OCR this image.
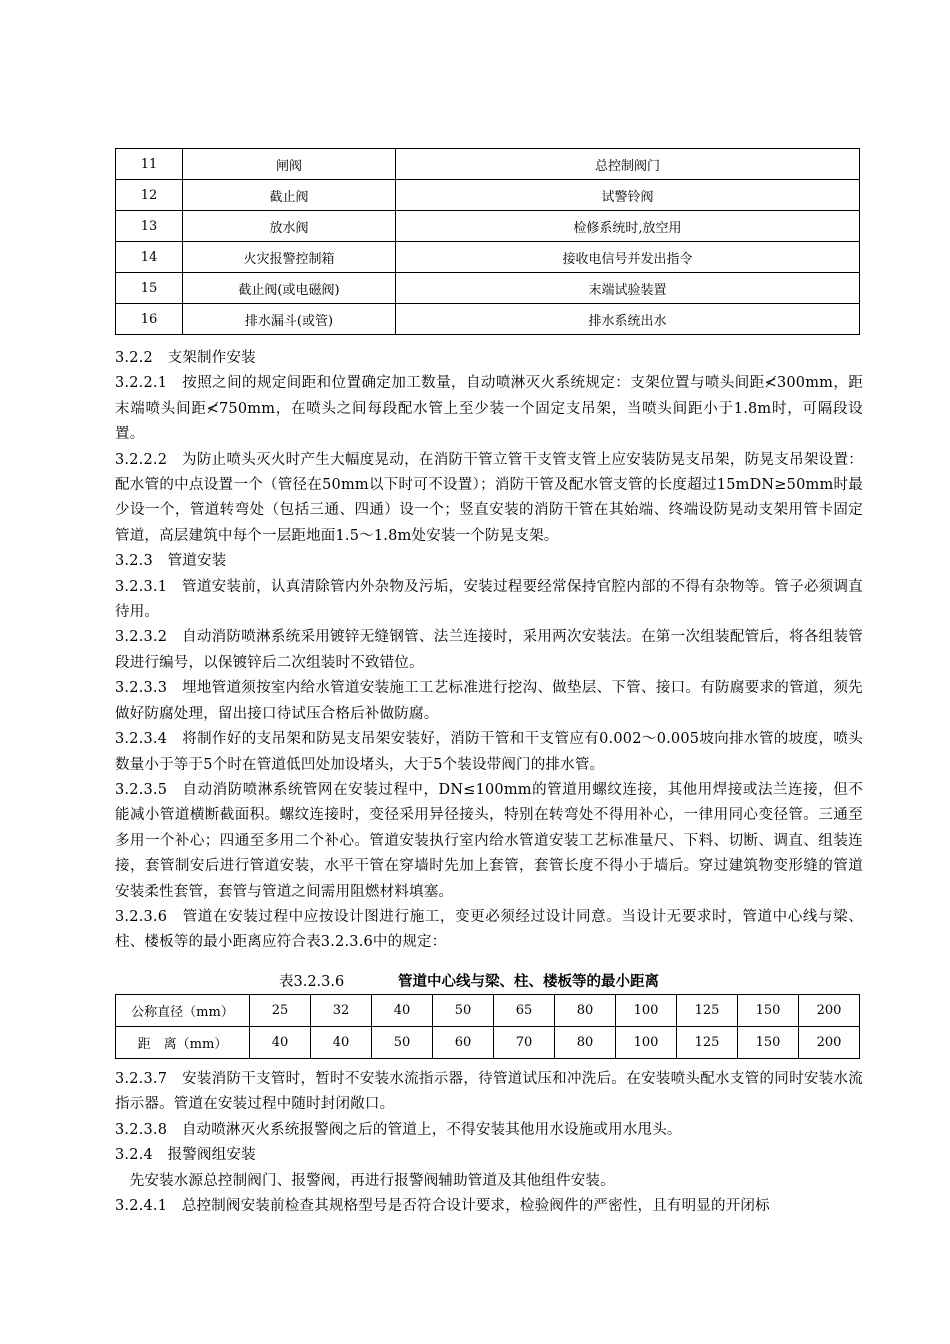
11	闸阀	总控制阀门
12	截止阀	试警铃阀
13	放水阀	检修系统时,放空用
14	火灾报警控制箱	接收电信号并发出指令
15	截止阀(或电磁阀)	末端试验装置
16	排水漏斗(或管)	排水系统出水

3.2.2　支架制作安装

3.2.2.1　按照之间的规定间距和位置确定加工数量，自动喷淋灭火系统规定：支架位置与喷头间距≮300mm，距末端喷头间距≮750mm，在喷头之间每段配水管上至少装一个固定支吊架，当喷头间距小于1.8m时，可隔段设置。

3.2.2.2　为防止喷头灭火时产生大幅度晃动，在消防干管立管干支管支管上应安装防晃支吊架，防晃支吊架设置：配水管的中点设置一个（管径在50mm以下时可不设置）；消防干管及配水管支管的长度超过15mDN≥50mm时最少设一个，管道转弯处（包括三通、四通）设一个；竖直安装的消防干管在其始端、终端设防晃动支架用管卡固定管道，高层建筑中每个一层距地面1.5～1.8m处安装一个防晃支架。

3.2.3　管道安装

3.2.3.1　管道安装前，认真清除管内外杂物及污垢，安装过程要经常保持官腔内部的不得有杂物等。管子必须调直待用。

3.2.3.2　自动消防喷淋系统采用镀锌无缝钢管、法兰连接时，采用两次安装法。在第一次组装配管后，将各组装管段进行编号，以保镀锌后二次组装时不致错位。

3.2.3.3　埋地管道须按室内给水管道安装施工工艺标准进行挖沟、做垫层、下管、接口。有防腐要求的管道，须先做好防腐处理，留出接口待试压合格后补做防腐。

3.2.3.4　将制作好的支吊架和防晃支吊架安装好，消防干管和干支管应有0.002～0.005坡向排水管的坡度，喷头数量小于等于5个时在管道低凹处加设堵头，大于5个装设带阀门的排水管。

3.2.3.5　自动消防喷淋系统管网在安装过程中，DN≤100mm的管道用螺纹连接，其他用焊接或法兰连接，但不能减小管道横断截面积。螺纹连接时，变径采用异径接头，特别在转弯处不得用补心，一律用同心变径管。三通至多用一个补心；四通至多用二个补心。管道安装执行室内给水管道安装工艺标准量尺、下料、切断、调直、组装连接，套管制安后进行管道安装，水平干管在穿墙时先加上套管，套管长度不得小于墙后。穿过建筑物变形缝的管道安装柔性套管，套管与管道之间需用阻燃材料填塞。

3.2.3.6　管道在安装过程中应按设计图进行施工，变更必须经过设计同意。当设计无要求时，管道中心线与梁、柱、楼板等的最小距离应符合表3.2.3.6中的规定：

表3.2.3.6	管道中心线与梁、柱、楼板等的最小距离
公称直径（mm）	25	32	40	50	65	80	100	125	150	200
距　离（mm）	40	40	50	60	70	80	100	125	150	200

3.2.3.7　安装消防干支管时，暂时不安装水流指示器，待管道试压和冲洗后。在安装喷头配水支管的同时安装水流指示器。管道在安装过程中随时封闭敞口。

3.2.3.8　自动喷淋灭火系统报警阀之后的管道上，不得安装其他用水设施或用水甩头。

3.2.4　报警阀组安装

　先安装水源总控制阀门、报警阀，再进行报警阀辅助管道及其他组件安装。

3.2.4.1　总控制阀安装前检查其规格型号是否符合设计要求，检验阀件的严密性，且有明显的开闭标
